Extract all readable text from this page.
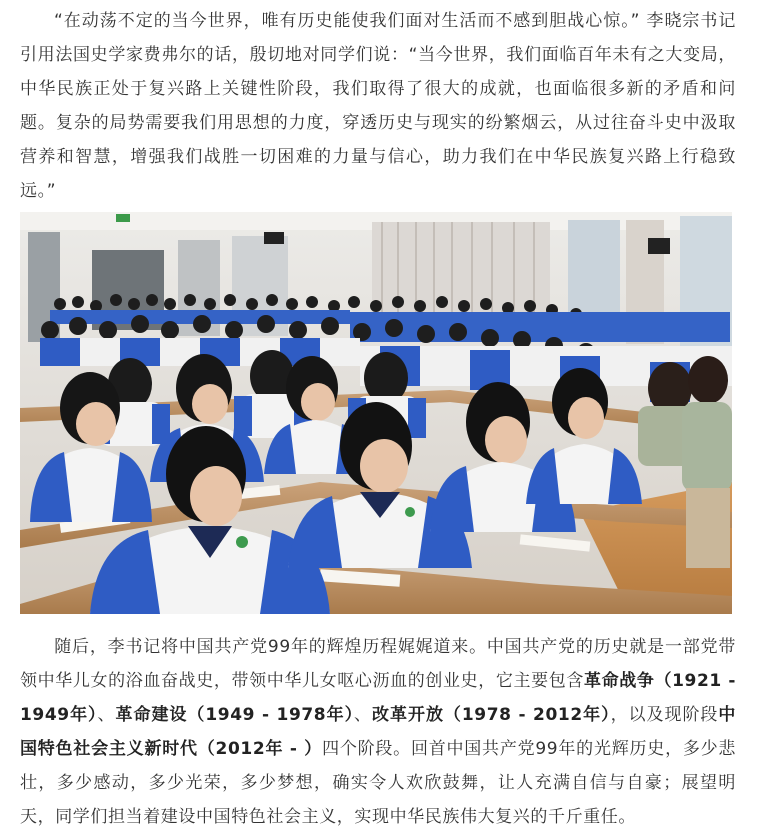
“在动荡不定的当今世界，唯有历史能使我们面对生活而不感到胆战心惊。” 李晓宗书记引用法国史学家费弗尔的话，殷切地对同学们说：“当今世界，我们面临百年未有之大变局，中华民族正处于复兴路上关键性阶段，我们取得了很大的成就，也面临很多新的矛盾和问题。复杂的局势需要我们用思想的力度，穿透历史与现实的纷繁烟云，从过往奋斗史中汲取营养和智慧，增强我们战胜一切困难的力量与信心，助力我们在中华民族复兴路上行稳致远。”

随后，李书记将中国共产党99年的辉煌历程娓娓道来。中国共产党的历史就是一部党带领中华儿女的浴血奋战史，带领中华儿女呕心沥血的创业史，它主要包含革命战争（1921 - 1949年）、革命建设（1949 - 1978年）、改革开放（1978 - 2012年），以及现阶段中国特色社会主义新时代（2012年 - ）四个阶段。回首中国共产党99年的光辉历史，多少悲壮，多少感动，多少光荣，多少梦想，确实令人欢欣鼓舞，让人充满自信与自豪；展望明天，同学们担当着建设中国特色社会主义，实现中华民族伟大复兴的千斤重任。
